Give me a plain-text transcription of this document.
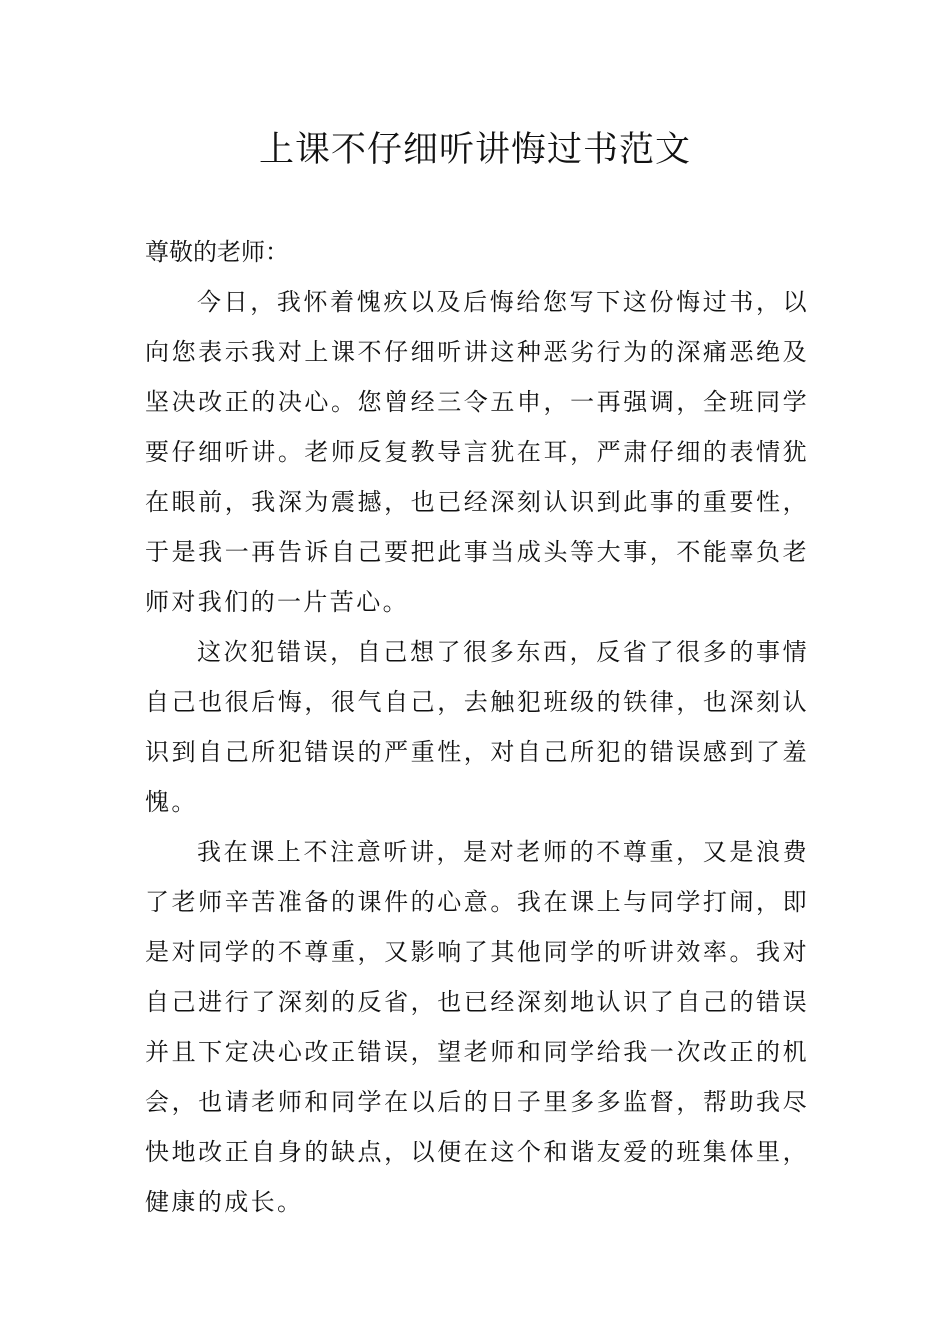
上课不仔细听讲悔过书范文

尊敬的老师：

今日，我怀着愧疚以及后悔给您写下这份悔过书，以向您表示我对上课不仔细听讲这种恶劣行为的深痛恶绝及坚决改正的决心。您曾经三令五申，一再强调，全班同学要仔细听讲。老师反复教导言犹在耳，严肃仔细的表情犹在眼前，我深为震撼，也已经深刻认识到此事的重要性，于是我一再告诉自己要把此事当成头等大事，不能辜负老师对我们的一片苦心。

这次犯错误，自己想了很多东西，反省了很多的事情自己也很后悔，很气自己，去触犯班级的铁律，也深刻认识到自己所犯错误的严重性，对自己所犯的错误感到了羞愧。

我在课上不注意听讲，是对老师的不尊重，又是浪费了老师辛苦准备的课件的心意。我在课上与同学打闹，即是对同学的不尊重，又影响了其他同学的听讲效率。我对自己进行了深刻的反省，也已经深刻地认识了自己的错误并且下定决心改正错误，望老师和同学给我一次改正的机会，也请老师和同学在以后的日子里多多监督，帮助我尽快地改正自身的缺点，以便在这个和谐友爱的班集体里，健康的成长。
